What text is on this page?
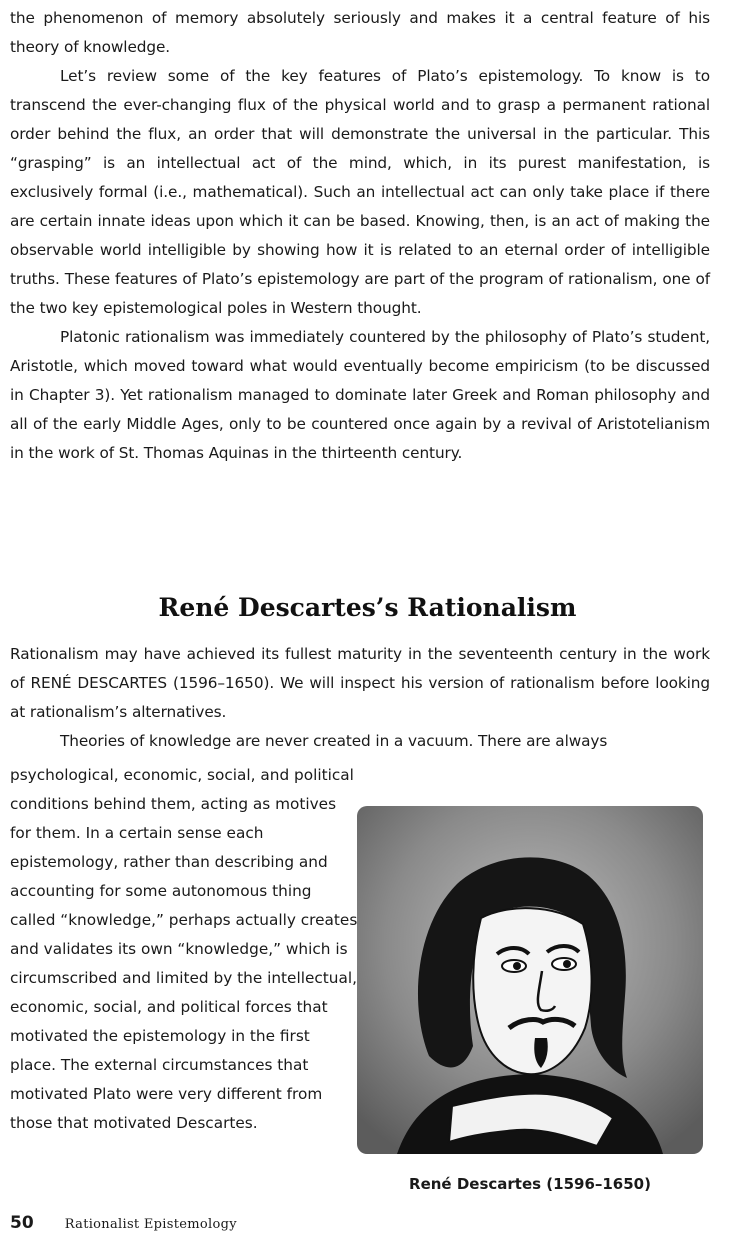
the phenomenon of memory absolutely seriously and makes it a central feature of his theory of knowledge.

Let’s review some of the key features of Plato’s epistemology. To know is to transcend the ever-changing flux of the physical world and to grasp a permanent rational order behind the flux, an order that will demonstrate the universal in the particular. This “grasping” is an intellectual act of the mind, which, in its purest manifestation, is exclusively formal (i.e., mathematical). Such an intellectual act can only take place if there are certain innate ideas upon which it can be based. Knowing, then, is an act of making the observable world intelligible by showing how it is related to an eternal order of intelligible truths. These features of Plato’s epistemology are part of the program of rationalism, one of the two key epistemological poles in Western thought.

Platonic rationalism was immediately countered by the philosophy of Plato’s student, Aristotle, which moved toward what would eventually become empiricism (to be discussed in Chapter 3). Yet rationalism managed to dominate later Greek and Roman philosophy and all of the early Middle Ages, only to be countered once again by a revival of Aristotelianism in the work of St. Thomas Aquinas in the thirteenth century.

René Descartes’s Rationalism

Rationalism may have achieved its fullest maturity in the seventeenth century in the work of RENÉ DESCARTES (1596–1650). We will inspect his version of rationalism before looking at rationalism’s alternatives.

Theories of knowledge are never created in a vacuum. There are always

psychological, economic, social, and political conditions behind them, acting as motives for them. In a certain sense each epistemology, rather than describing and accounting for some autonomous thing called “knowledge,” perhaps actually creates and validates its own “knowledge,” which is circumscribed and limited by the intellectual, economic, social, and political forces that motivated the epistemology in the first place. The external circumstances that motivated Plato were very different from those that motivated Descartes.

René Descartes (1596–1650)

50 Rationalist Epistemology
